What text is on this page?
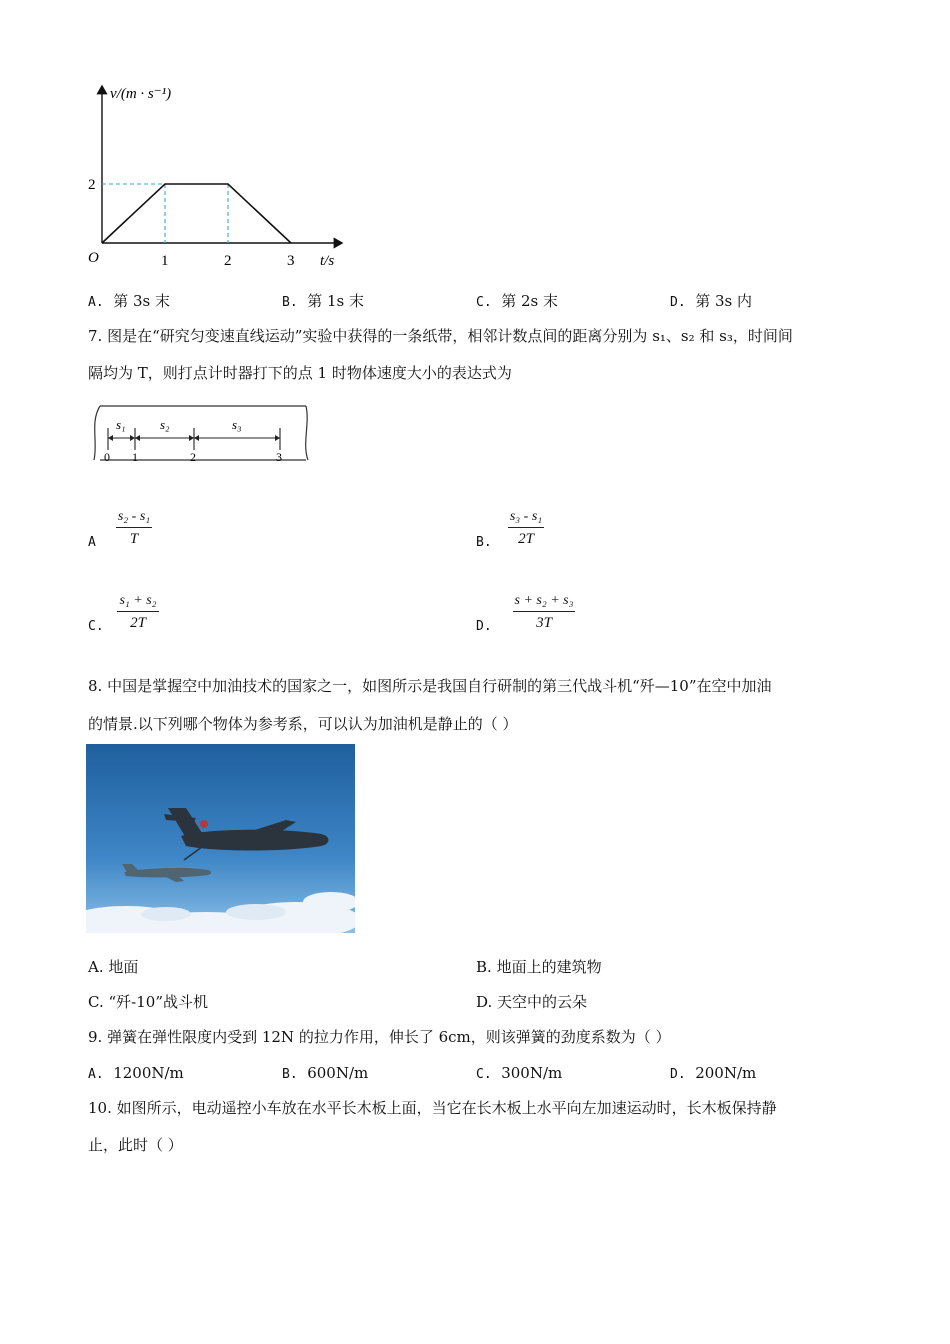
v/(m · s⁻¹)
t/s
O
2
1	2	3
A. 第 3s 末	B. 第 1s 末	C. 第 2s 末	D. 第 3s 内
7. 图是在“研究匀变速直线运动”实验中获得的一条纸带，相邻计数点间的距离分别为 s₁、s₂ 和 s₃，时间间
隔均为 T，则打点计时器打下的点 1 时物体速度大小的表达式为
s₁	s₂	s₃
0 1	2	3
A $\frac{\text{s₂ - s₁}}{T}$	B. $\frac{\text{s₃ - s₁}}{2T}$
C. $\frac{\text{s₁ + s₂}}{2T}$	D. $\frac{\text{s + s₂ + s₃}}{3T}$
8. 中国是掌握空中加油技术的国家之一，如图所示是我国自行研制的第三代战斗机“歼—10”在空中加油
的情景.以下列哪个物体为参考系，可以认为加油机是静止的（ ）
A. 地面	B. 地面上的建筑物
C. “歼-10”战斗机	D. 天空中的云朵
9. 弹簧在弹性限度内受到 12N 的拉力作用，伸长了 6cm，则该弹簧的劲度系数为（ ）
A. 1200N/m	B. 600N/m	C. 300N/m	D. 200N/m
10. 如图所示，电动遥控小车放在水平长木板上面，当它在长木板上水平向左加速运动时，长木板保持静
止，此时（ ）
